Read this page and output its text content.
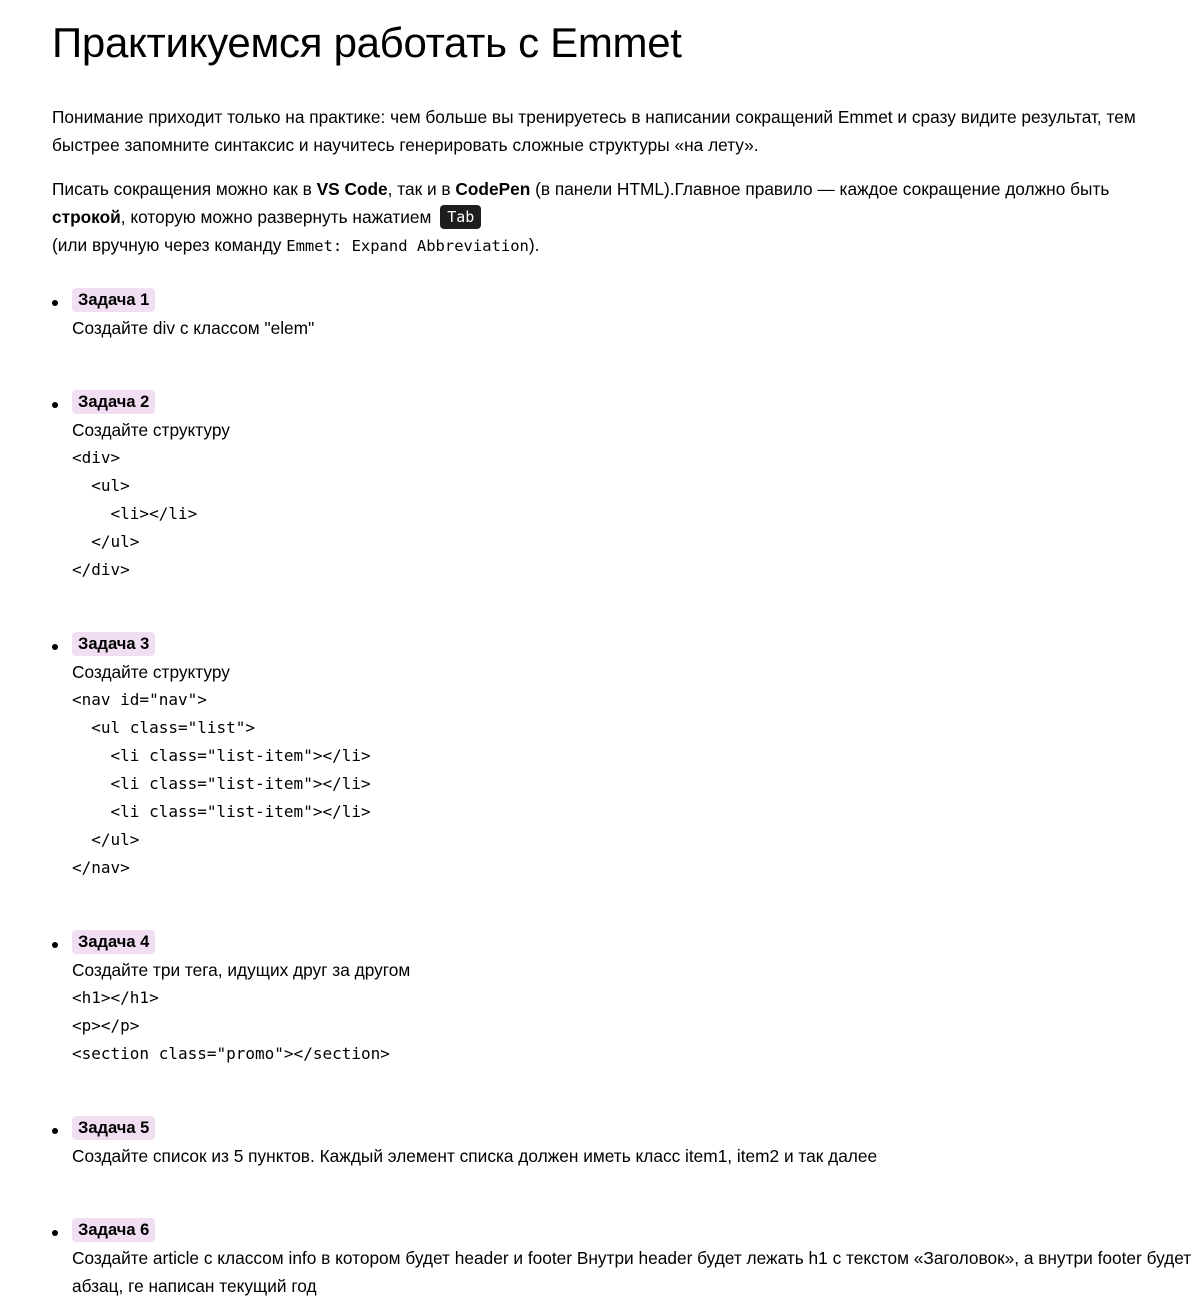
Практикуемся работать с Emmet

Понимание приходит только на практике: чем больше вы тренируетесь в написании сокращений Emmet и сразу видите результат, тем быстрее запомните синтаксис и научитесь генерировать сложные структуры «на лету».

Писать сокращения можно как в VS Code, так и в CodePen (в панели HTML).Главное правило — каждое сокращение должно быть строкой, которую можно развернуть нажатием Tab
(или вручную через команду Emmet: Expand Abbreviation).

Задача 1
Создайте div с классом "elem"
Задача 2
Создайте структуру
<div>
<ul>
<li></li>
</ul>
</div>
Задача 3
Создайте структуру
<nav id="nav">
<ul class="list">
<li class="list-item"></li>
<li class="list-item"></li>
<li class="list-item"></li>
</ul>
</nav>
Задача 4
Создайте три тега, идущих друг за другом
<h1></h1>
<p></p>
<section class="promo"></section>
Задача 5
Создайте список из 5 пунктов. Каждый элемент списка должен иметь класс item1, item2 и так далее
Задача 6
Создайте article с классом info в котором будет header и footer Внутри header будет лежать h1 с текстом «Заголовок», а внутри footer будет абзац, ге написан текущий год
